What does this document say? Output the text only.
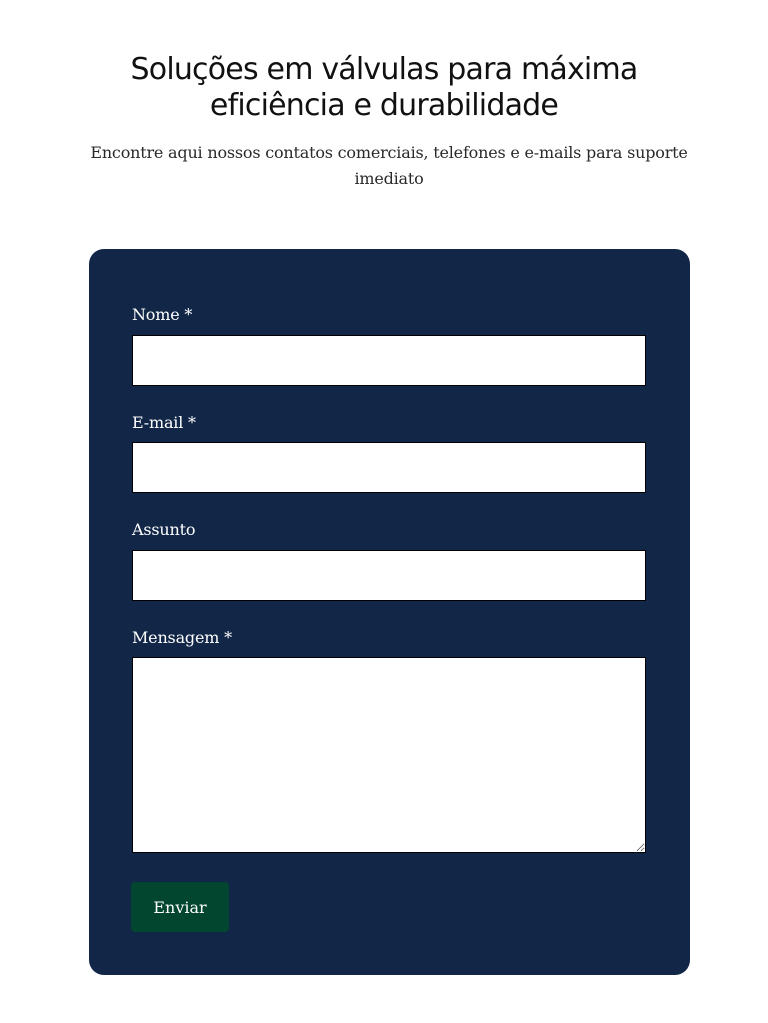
Soluções em válvulas para máxima eficiência e durabilidade

Encontre aqui nossos contatos comerciais, telefones e e-mails para suporte imediato

Nome *
E-mail *
Assunto
Mensagem *
Enviar
